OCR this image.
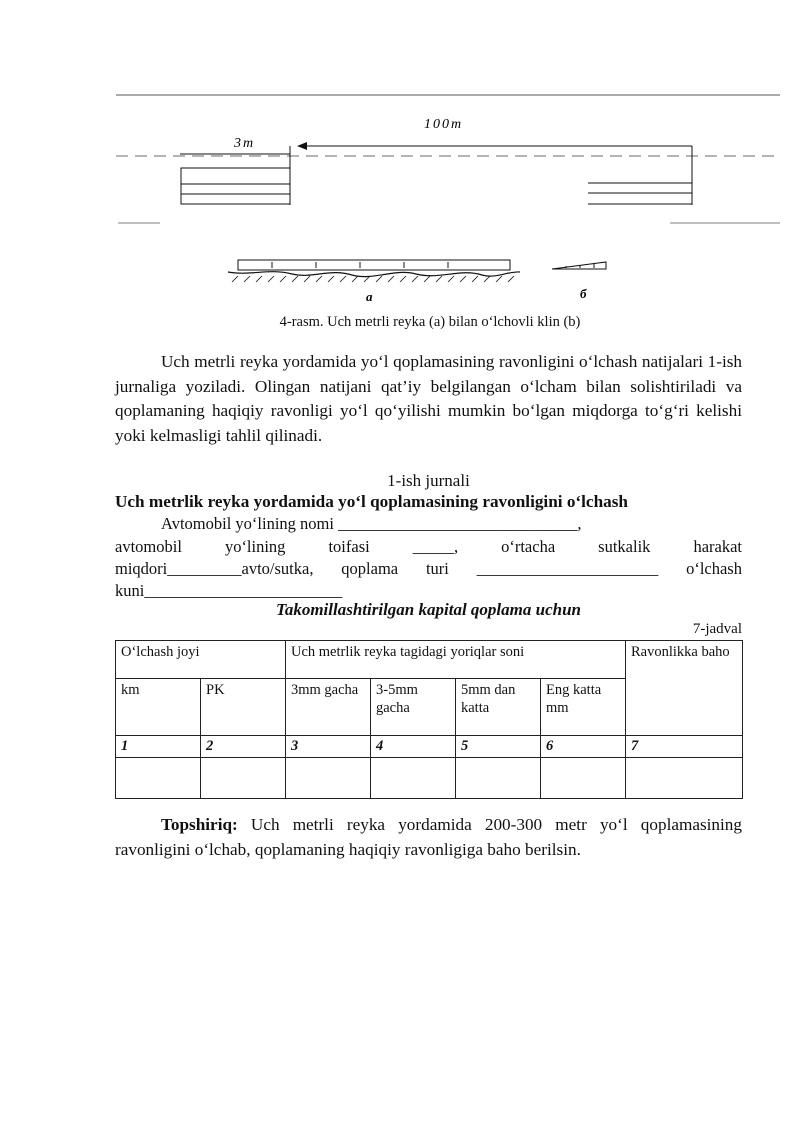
100m
3m
а	б
4-rasm. Uch metrli reyka (a) bilan o‘lchovli klin (b)

Uch metrli reyka yordamida yo‘l qoplamasining ravonligini o‘lchash natijalari 1-ish jurnaliga yoziladi. Olingan natijani qat’iy belgilangan o‘lcham bilan solishtiriladi va qoplamaning haqiqiy ravonligi yo‘l qo‘yilishi mumkin bo‘lgan miqdorga to‘g‘ri kelishi yoki kelmasligi tahlil qilinadi.

1-ish jurnali
Uch metrlik reyka yordamida yo‘l qoplamasining ravonligini o‘lchash
Avtomobil yo‘lining nomi _____________________________,
avtomobil	yo‘lining	toifasi	_____,	o‘rtacha	sutkalik	harakat
miqdori_________avto/sutka, qoplama turi ______________________ o‘lchash
kuni________________________
Takomillashtirilgan kapital qoplama uchun
7-jadval
O‘lchash joyi		Uch metrlik reyka tagidagi yoriqlar soni				Ravonlikka baho
km	PK	3mm gacha	3-5mm gacha	5mm dan katta	Eng katta mm	
1	2	3	4	5	6	7

Topshiriq: Uch metrli reyka yordamida 200-300 metr yo‘l qoplamasining ravonligini o‘lchab, qoplamaning haqiqiy ravonligiga baho berilsin.
